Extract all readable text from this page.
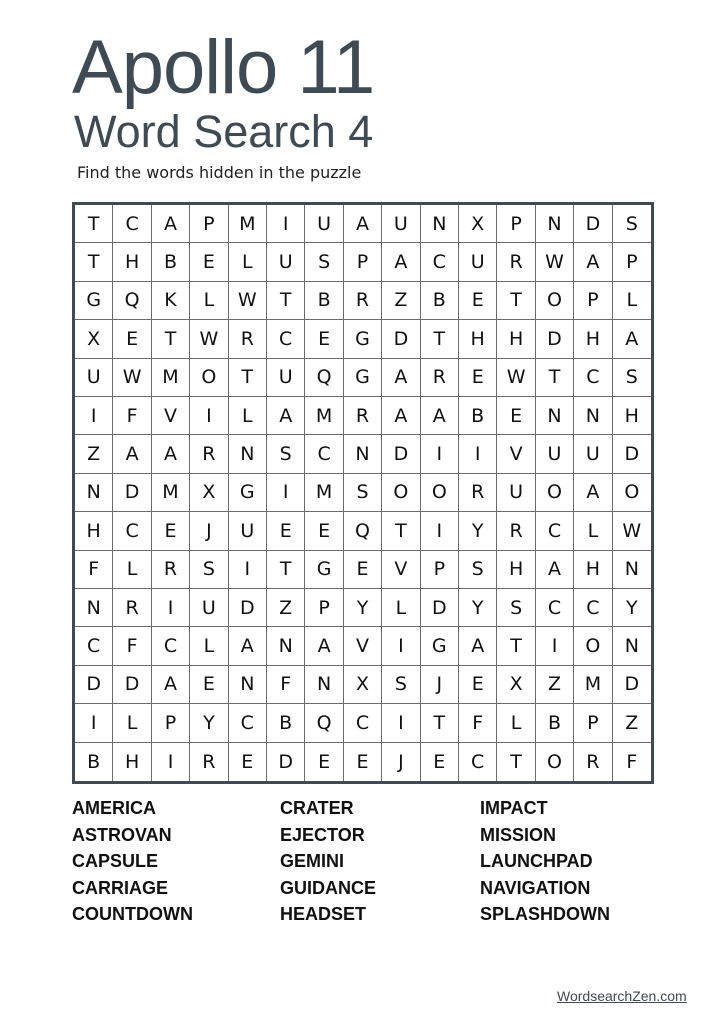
Apollo 11
Word Search 4
Find the words hidden in the puzzle
T	C	A	P	M	I	U	A	U	N	X	P	N	D	S
T	H	B	E	L	U	S	P	A	C	U	R	W	A	P
G	Q	K	L	W	T	B	R	Z	B	E	T	O	P	L
X	E	T	W	R	C	E	G	D	T	H	H	D	H	A
U	W	M	O	T	U	Q	G	A	R	E	W	T	C	S
I	F	V	I	L	A	M	R	A	A	B	E	N	N	H
Z	A	A	R	N	S	C	N	D	I	I	V	U	U	D
N	D	M	X	G	I	M	S	O	O	R	U	O	A	O
H	C	E	J	U	E	E	Q	T	I	Y	R	C	L	W
F	L	R	S	I	T	G	E	V	P	S	H	A	H	N
N	R	I	U	D	Z	P	Y	L	D	Y	S	C	C	Y
C	F	C	L	A	N	A	V	I	G	A	T	I	O	N
D	D	A	E	N	F	N	X	S	J	E	X	Z	M	D
I	L	P	Y	C	B	Q	C	I	T	F	L	B	P	Z
B	H	I	R	E	D	E	E	J	E	C	T	O	R	F
AMERICA
ASTROVAN
CAPSULE
CARRIAGE
COUNTDOWN
CRATER
EJECTOR
GEMINI
GUIDANCE
HEADSET
IMPACT
MISSION
LAUNCHPAD
NAVIGATION
SPLASHDOWN
WordsearchZen.com
